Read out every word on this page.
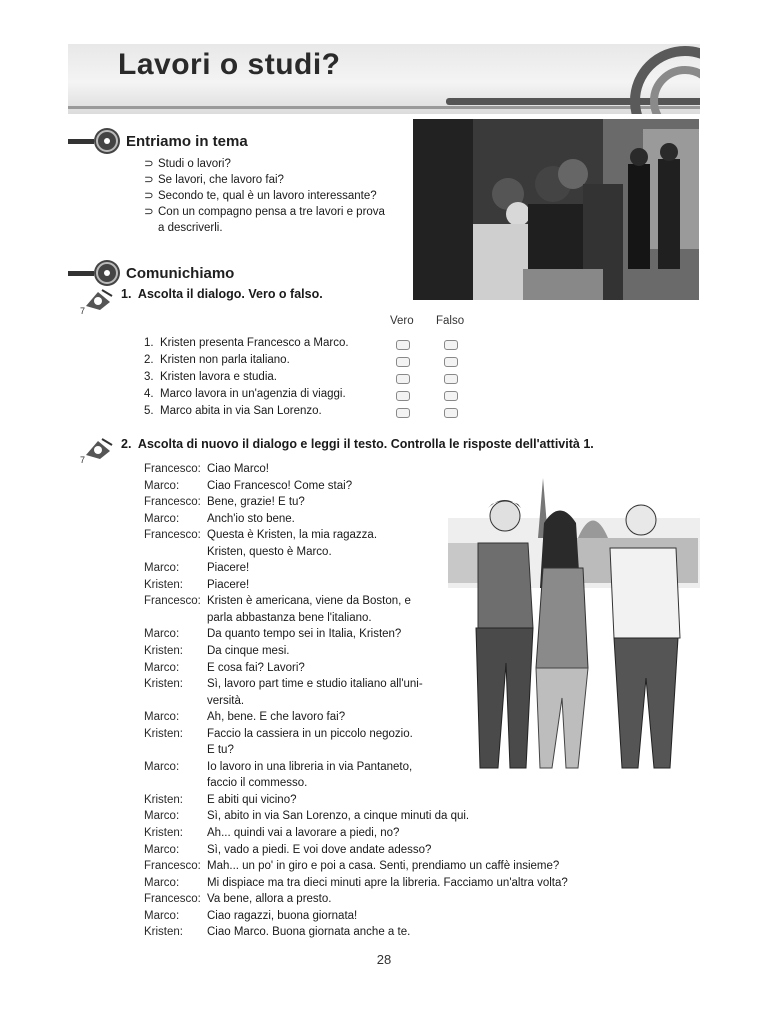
Lavori o studi?
Entriamo in tema
⊃ Studi o lavori?
⊃ Se lavori, che lavoro fai?
⊃ Secondo te, qual è un lavoro interessante?
⊃ Con un compagno pensa a tre lavori e prova
a descriverli.
Comunichiamo
7
1. Ascolta il dialogo. Vero o falso.
Vero Falso
1. Kristen presenta Francesco a Marco.
2. Kristen non parla italiano.
3. Kristen lavora e studia.
4. Marco lavora in un'agenzia di viaggi.
5. Marco abita in via San Lorenzo.
7
2. Ascolta di nuovo il dialogo e leggi il testo. Controlla le risposte dell'attività 1.
Francesco: Ciao Marco!
Marco:	Ciao Francesco! Come stai?
Francesco: Bene, grazie! E tu?
Marco:	Anch'io sto bene.
Francesco: Questa è Kristen, la mia ragazza.
Kristen, questo è Marco.
Marco:	Piacere!
Kristen:	Piacere!
Francesco: Kristen è americana, viene da Boston, e
parla abbastanza bene l'italiano.
Marco:	Da quanto tempo sei in Italia, Kristen?
Kristen:	Da cinque mesi.
Marco:	E cosa fai? Lavori?
Kristen:	Sì, lavoro part time e studio italiano all'uni-
versità.
Marco:	Ah, bene. E che lavoro fai?
Kristen:	Faccio la cassiera in un piccolo negozio.
E tu?
Marco:	Io lavoro in una libreria in via Pantaneto,
faccio il commesso.
Kristen:	E abiti qui vicino?
Marco:	Sì, abito in via San Lorenzo, a cinque minuti da qui.
Kristen:	Ah... quindi vai a lavorare a piedi, no?
Marco:	Sì, vado a piedi. E voi dove andate adesso?
Francesco: Mah... un po' in giro e poi a casa. Senti, prendiamo un caffè insieme?
Marco:	Mi dispiace ma tra dieci minuti apre la libreria. Facciamo un'altra volta?
Francesco: Va bene, allora a presto.
Marco:	Ciao ragazzi, buona giornata!
Kristen:	Ciao Marco. Buona giornata anche a te.
28
